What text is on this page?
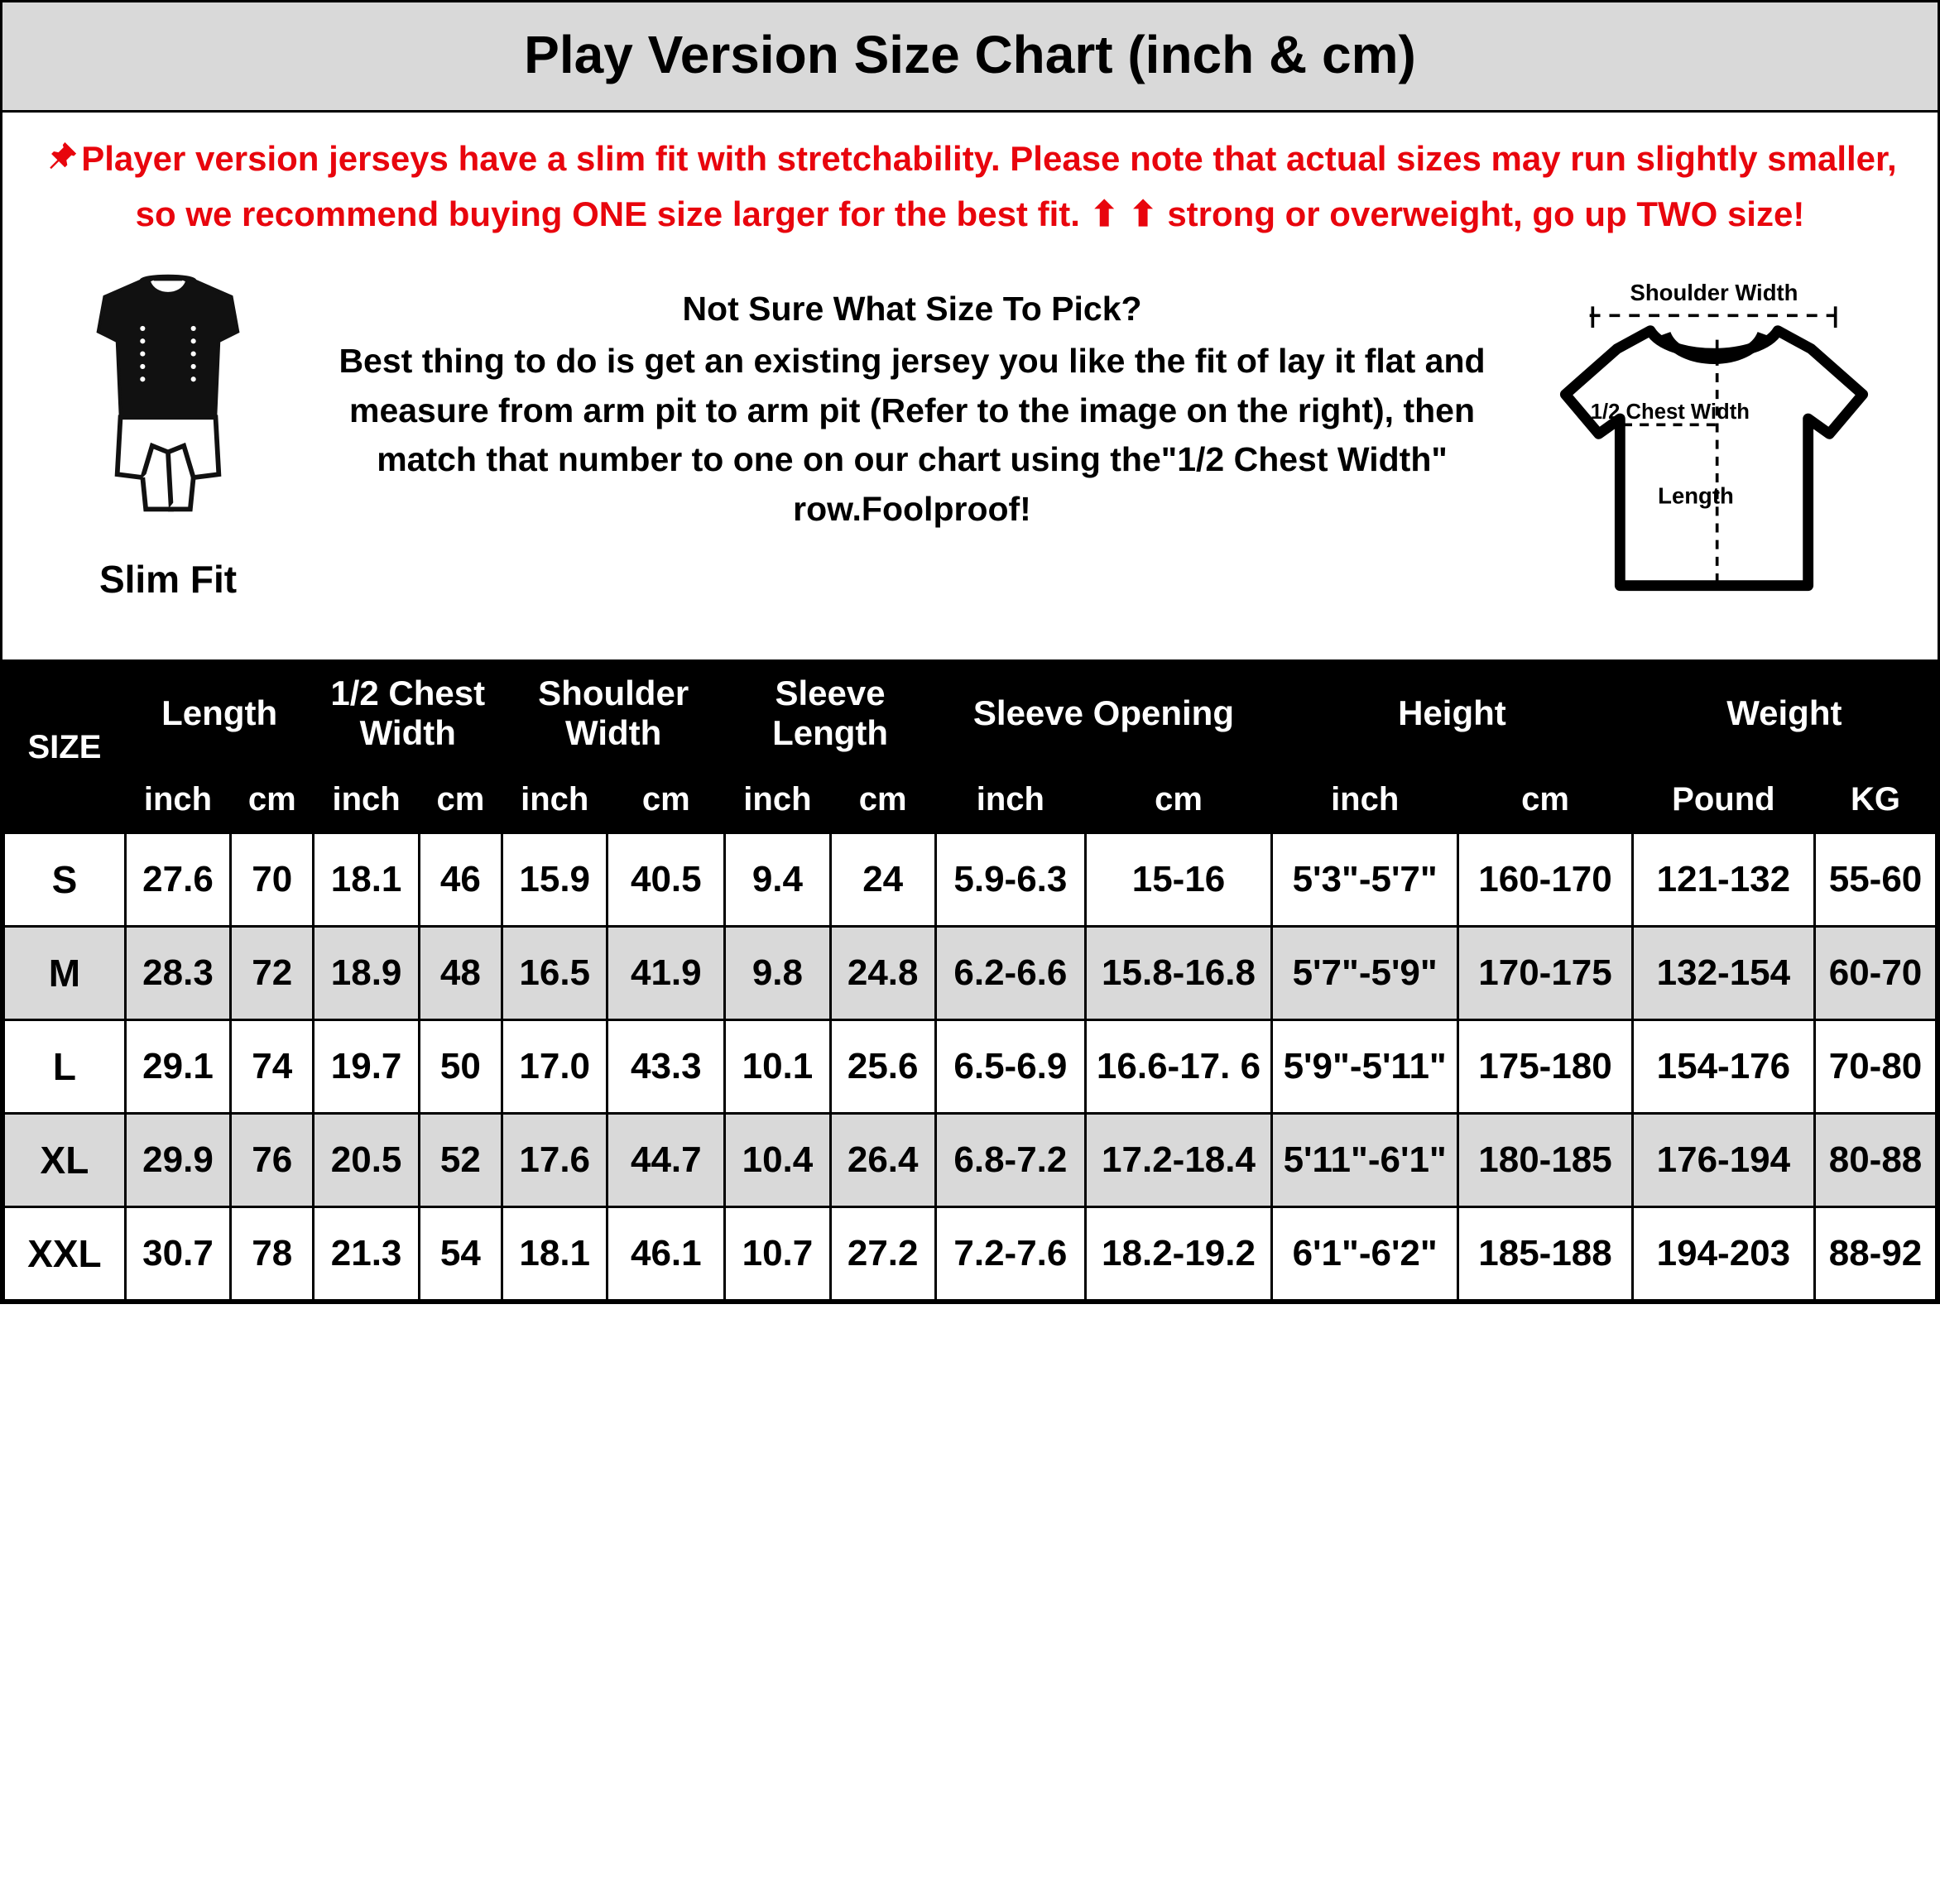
Play Version Size Chart (inch & cm)
Player version jerseys have a slim fit with stretchability. Please note that actual sizes may run slightly smaller, so we recommend buying ONE size larger for the best fit. ⬆ ⬆ strong or overweight, go up TWO size!
Slim Fit
Not Sure What Size To Pick?
Best thing to do is get an existing jersey you like the fit of lay it flat and measure from arm pit to arm pit (Refer to the image on the right), then match that number to one on our chart using the"1/2 Chest Width" row.Foolproof!
Shoulder Width
1/2 Chest Width
Length
SIZE	Length		1/2 Chest Width		Shoulder Width		Sleeve Length		Sleeve Opening		Height		Weight	
	inch	cm	inch	cm	inch	cm	inch	cm	inch	cm	inch	cm	Pound	KG
S	27.6	70	18.1	46	15.9	40.5	9.4	24	5.9-6.3	15-16	5'3"-5'7"	160-170	121-132	55-60
M	28.3	72	18.9	48	16.5	41.9	9.8	24.8	6.2-6.6	15.8-16.8	5'7"-5'9"	170-175	132-154	60-70
L	29.1	74	19.7	50	17.0	43.3	10.1	25.6	6.5-6.9	16.6-17. 6	5'9"-5'11"	175-180	154-176	70-80
XL	29.9	76	20.5	52	17.6	44.7	10.4	26.4	6.8-7.2	17.2-18.4	5'11"-6'1"	180-185	176-194	80-88
XXL	30.7	78	21.3	54	18.1	46.1	10.7	27.2	7.2-7.6	18.2-19.2	6'1"-6'2"	185-188	194-203	88-92
